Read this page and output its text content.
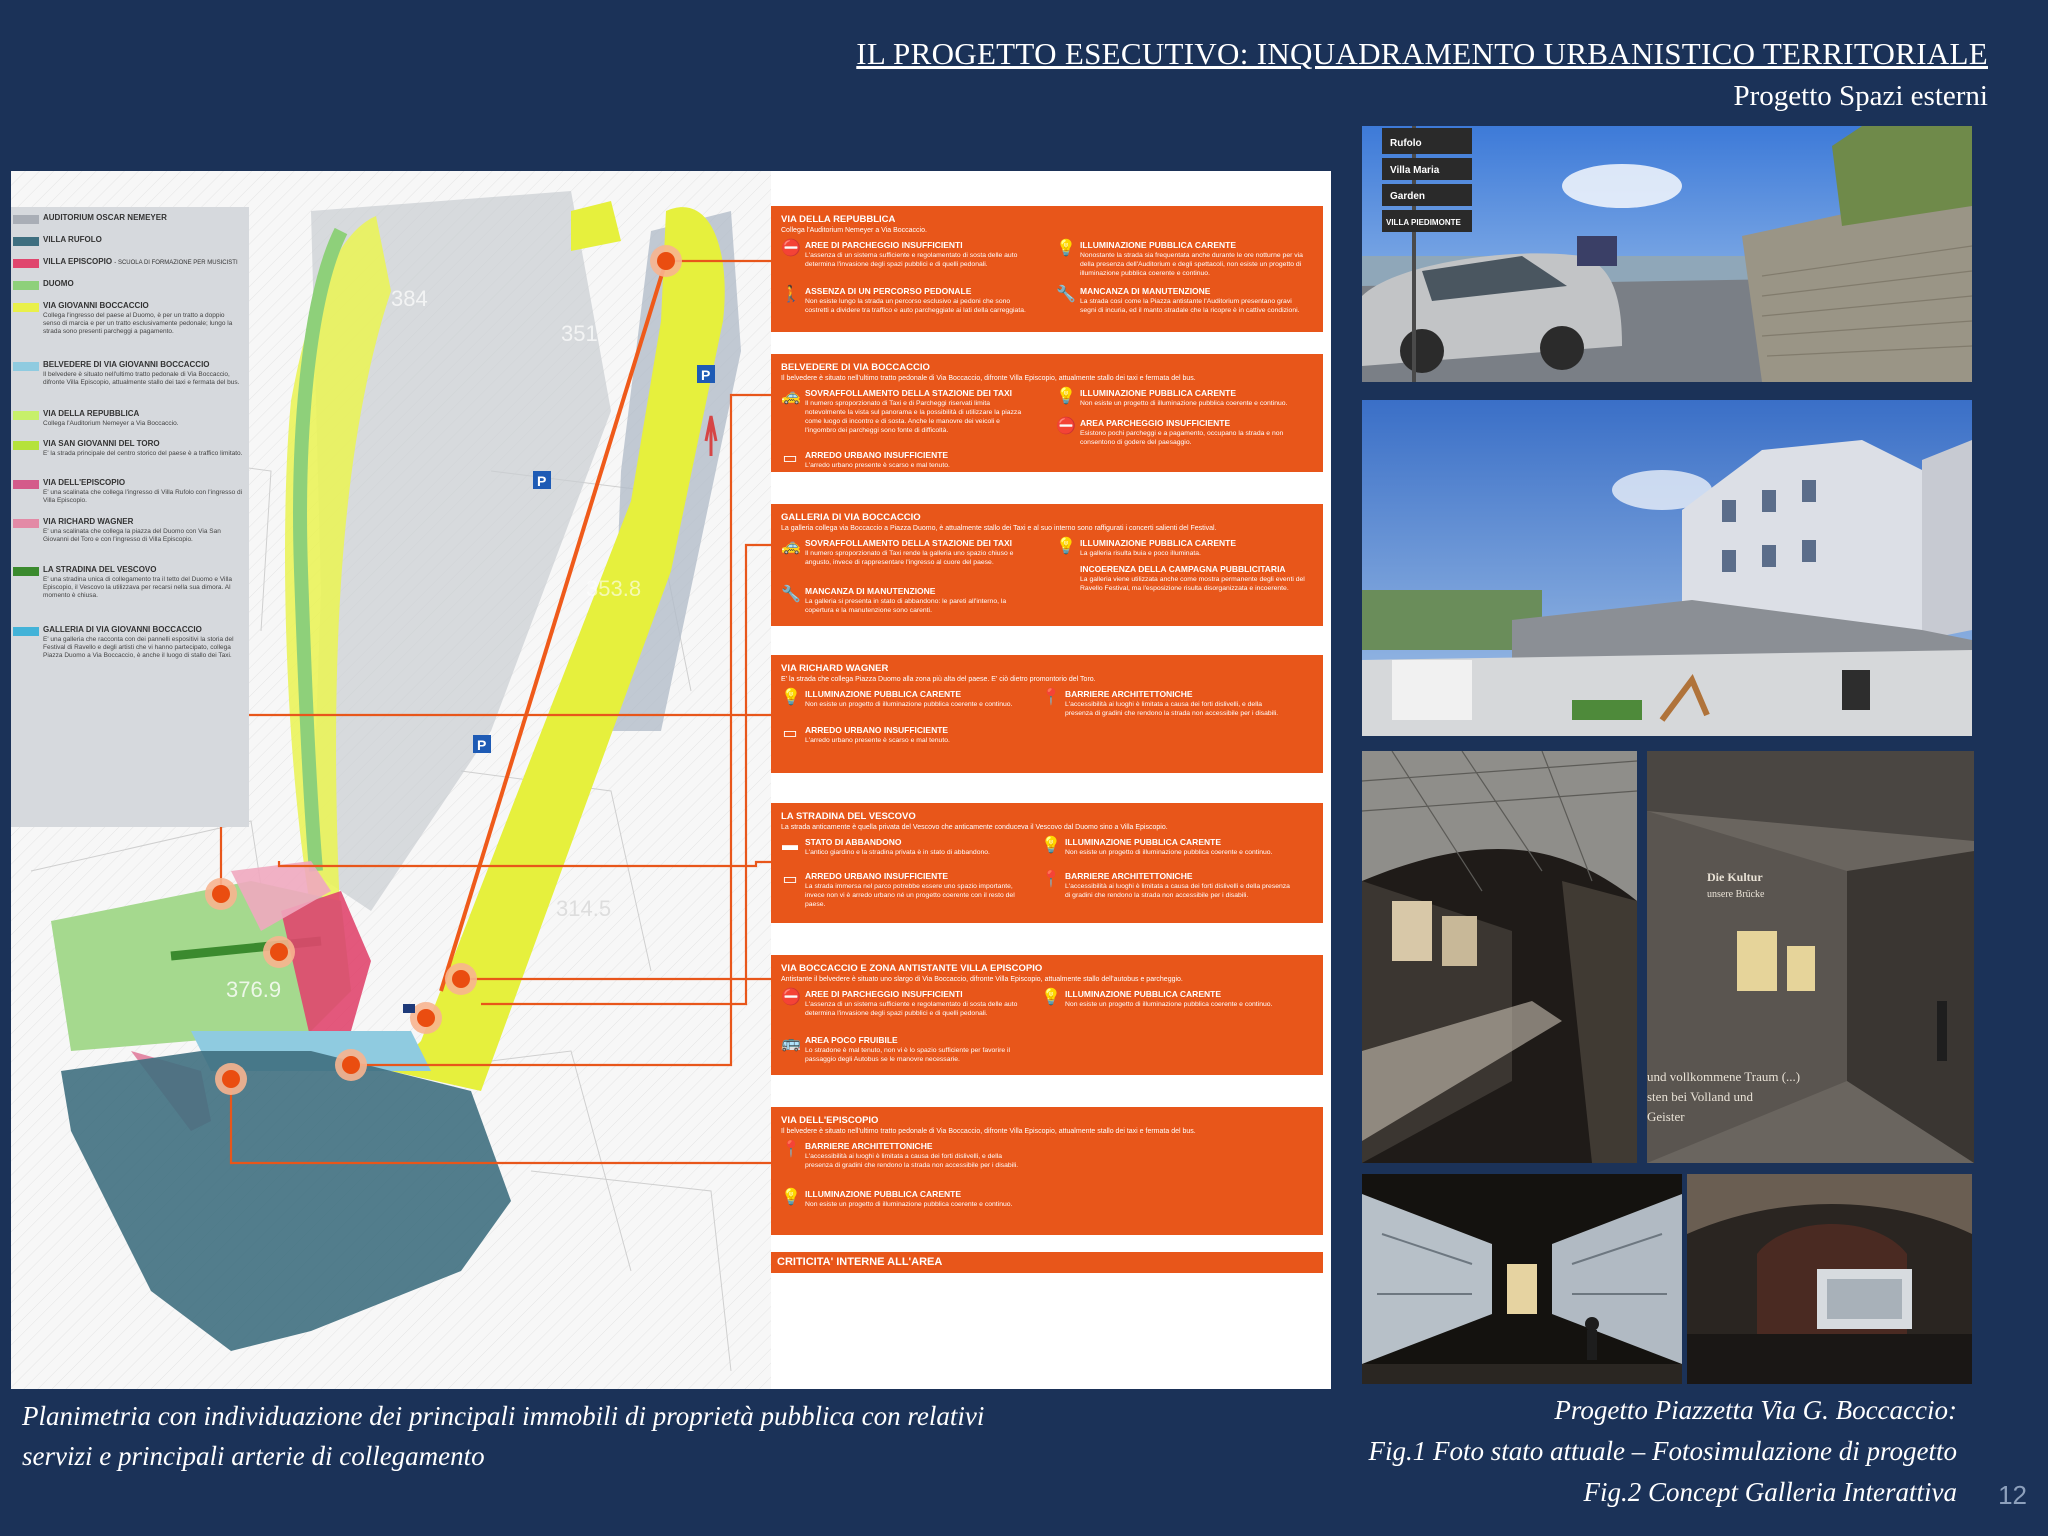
IL PROGETTO ESECUTIVO: INQUADRAMENTO URBANISTICO TERRITORIALE
Progetto Spazi esterni
384
351
353.8
314.5
376.9
P
P
P
AUDITORIUM OSCAR NEMEYER
VILLA RUFOLO
VILLA EPISCOPIO - SCUOLA DI FORMAZIONE PER MUSICISTI
DUOMO
VIA GIOVANNI BOCCACCIO
Collega l'ingresso del paese al Duomo, è per un tratto a doppio senso di marcia e per un tratto esclusivamente pedonale; lungo la strada sono presenti parcheggi a pagamento.
BELVEDERE DI VIA GIOVANNI BOCCACCIO
Il belvedere è situato nell'ultimo tratto pedonale di Via Boccaccio, difronte Villa Episcopio, attualmente stallo dei taxi e fermata del bus.
VIA DELLA REPUBBLICA
Collega l'Auditorium Nemeyer a Via Boccaccio.
VIA SAN GIOVANNI DEL TORO
E' la strada principale del centro storico del paese è a traffico limitato.
VIA DELL'EPISCOPIO
E' una scalinata che collega l'ingresso di Villa Rufolo con l'ingresso di Villa Episcopio.
VIA RICHARD WAGNER
E' una scalinata che collega la piazza del Duomo con Via San Giovanni del Toro e con l'ingresso di Villa Episcopio.
LA STRADINA DEL VESCOVO
E' una stradina unica di collegamento tra il tetto del Duomo e Villa Episcopio, il Vescovo la utilizzava per recarsi nella sua dimora. Al momento è chiusa.
GALLERIA DI VIA GIOVANNI BOCCACCIO
E' una galleria che racconta con dei pannelli espositivi la storia del Festival di Ravello e degli artisti che vi hanno partecipato, collega Piazza Duomo a Via Boccaccio, è anche il luogo di stallo dei Taxi.
VIA DELLA REPUBBLICA
Collega l'Auditorium Nemeyer a Via Boccaccio.
⛔ AREE DI PARCHEGGIO INSUFFICIENTI
L'assenza di un sistema sufficiente e regolamentato di sosta delle auto determina l'invasione degli spazi pubblici e di quelli pedonali.
🚶 ASSENZA DI UN PERCORSO PEDONALE
Non esiste lungo la strada un percorso esclusivo ai pedoni che sono costretti a dividere tra traffico e auto parcheggiate ai lati della carreggiata.
💡 ILLUMINAZIONE PUBBLICA CARENTE
Nonostante la strada sia frequentata anche durante le ore notturne per via della presenza dell'Auditorium e degli spettacoli, non esiste un progetto di illuminazione pubblica coerente e continuo.
🔧 MANCANZA DI MANUTENZIONE
La strada così come la Piazza antistante l'Auditorium presentano gravi segni di incuria, ed il manto stradale che la ricopre è in cattive condizioni.
BELVEDERE DI VIA BOCCACCIO
Il belvedere è situato nell'ultimo tratto pedonale di Via Boccaccio, difronte Villa Episcopio, attualmente stallo dei taxi e fermata del bus.
🚕 SOVRAFFOLLAMENTO DELLA STAZIONE DEI TAXI
Il numero sproporzionato di Taxi e di Parcheggi riservati limita notevolmente la vista sul panorama e la possibilità di utilizzare la piazza come luogo di incontro e di sosta. Anche le manovre dei veicoli e l'ingombro dei parcheggi sono fonte di difficoltà.
▭ ARREDO URBANO INSUFFICIENTE
L'arredo urbano presente è scarso e mal tenuto.
💡 ILLUMINAZIONE PUBBLICA CARENTE
Non esiste un progetto di illuminazione pubblica coerente e continuo.
⛔ AREA PARCHEGGIO INSUFFICIENTE
Esistono pochi parcheggi e a pagamento, occupano la strada e non consentono di godere del paesaggio.
GALLERIA DI VIA BOCCACCIO
La galleria collega via Boccaccio a Piazza Duomo, è attualmente stallo dei Taxi e al suo interno sono raffigurati i concerti salienti del Festival.
🚕 SOVRAFFOLLAMENTO DELLA STAZIONE DEI TAXI
Il numero sproporzionato di Taxi rende la galleria uno spazio chiuso e angusto, invece di rappresentare l'ingresso al cuore del paese.
🔧 MANCANZA DI MANUTENZIONE
La galleria si presenta in stato di abbandono: le pareti all'interno, la copertura e la manutenzione sono carenti.
💡 ILLUMINAZIONE PUBBLICA CARENTE
La galleria risulta buia e poco illuminata.
INCOERENZA DELLA CAMPAGNA PUBBLICITARIA
La galleria viene utilizzata anche come mostra permanente degli eventi del Ravello Festival, ma l'esposizione risulta disorganizzata e incoerente.
VIA RICHARD WAGNER
E' la strada che collega Piazza Duomo alla zona più alta del paese. E' ciò dietro promontorio del Toro.
💡 ILLUMINAZIONE PUBBLICA CARENTE
Non esiste un progetto di illuminazione pubblica coerente e continuo.
▭ ARREDO URBANO INSUFFICIENTE
L'arredo urbano presente è scarso e mal tenuto.
📍 BARRIERE ARCHITETTONICHE
L'accessibilità ai luoghi è limitata a causa dei forti dislivelli, e della presenza di gradini che rendono la strada non accessibile per i disabili.
LA STRADINA DEL VESCOVO
La strada anticamente è quella privata del Vescovo che anticamente conduceva il Vescovo dal Duomo sino a Villa Episcopio.
▬ STATO DI ABBANDONO
L'antico giardino e la stradina privata è in stato di abbandono.
▭ ARREDO URBANO INSUFFICIENTE
La strada immersa nel parco potrebbe essere uno spazio importante, invece non vi è arredo urbano né un progetto coerente con il resto del paese.
💡 ILLUMINAZIONE PUBBLICA CARENTE
Non esiste un progetto di illuminazione pubblica coerente e continuo.
📍 BARRIERE ARCHITETTONICHE
L'accessibilità ai luoghi è limitata a causa dei forti dislivelli e della presenza di gradini che rendono la strada non accessibile per i disabili.
VIA BOCCACCIO E ZONA ANTISTANTE VILLA EPISCOPIO
Antistante il belvedere è situato uno slargo di Via Boccaccio, difronte Villa Episcopio, attualmente stallo dell'autobus e parcheggio.
⛔ AREE DI PARCHEGGIO INSUFFICIENTI
L'assenza di un sistema sufficiente e regolamentato di sosta delle auto determina l'invasione degli spazi pubblici e di quelli pedonali.
🚌 AREA POCO FRUIBILE
Lo stradone è mal tenuto, non vi è lo spazio sufficiente per favorire il passaggio degli Autobus se le manovre necessarie.
💡 ILLUMINAZIONE PUBBLICA CARENTE
Non esiste un progetto di illuminazione pubblica coerente e continuo.
VIA DELL'EPISCOPIO
Il belvedere è situato nell'ultimo tratto pedonale di Via Boccaccio, difronte Villa Episcopio, attualmente stallo dei taxi e fermata del bus.
📍 BARRIERE ARCHITETTONICHE
L'accessibilità ai luoghi è limitata a causa dei forti dislivelli, e della presenza di gradini che rendono la strada non accessibile per i disabili.
💡 ILLUMINAZIONE PUBBLICA CARENTE
Non esiste un progetto di illuminazione pubblica coerente e continuo.
CRITICITA' INTERNE ALL'AREA
Rufolo
Villa Maria
Garden
VILLA PIEDIMONTE
Die Kultur
unsere Brücke
und vollkommene Traum (...)
sten bei Volland und
Geister
Planimetria con individuazione dei principali immobili di proprietà pubblica con relativi
servizi e principali arterie di collegamento
Progetto Piazzetta Via G. Boccaccio:
Fig.1 Foto stato attuale – Fotosimulazione di progetto
Fig.2 Concept Galleria Interattiva 12
